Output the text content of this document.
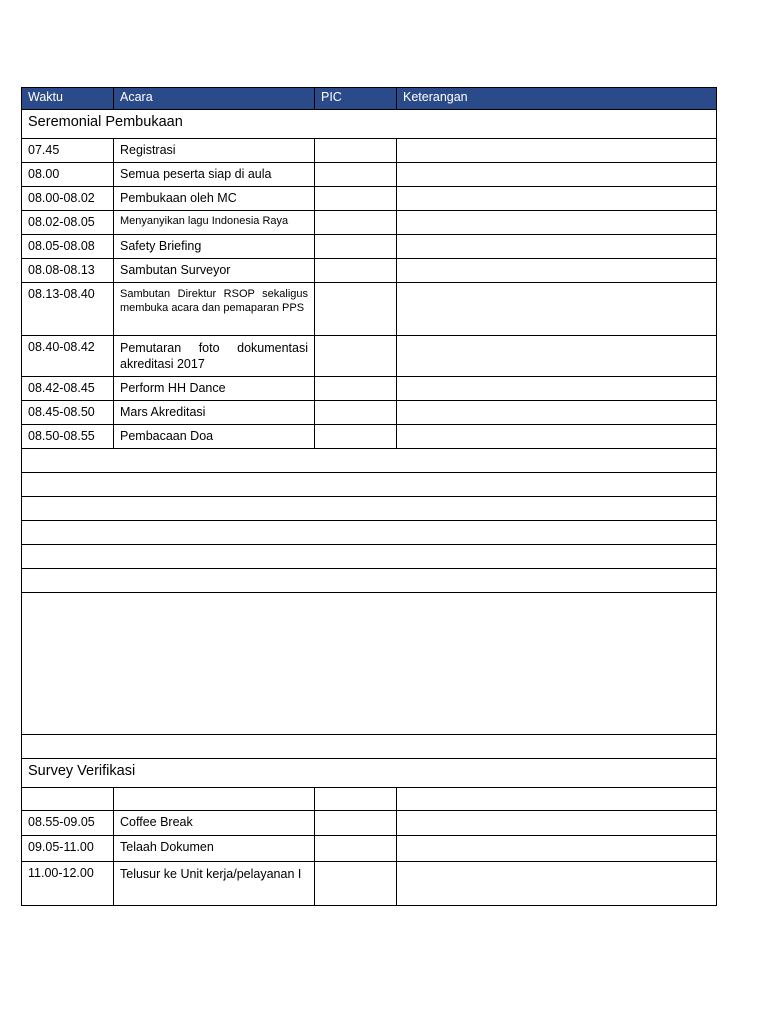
Waktu	Acara	PIC	Keterangan
Seremonial Pembukaan			
07.45	Registrasi		
08.00	Semua peserta siap di aula		
08.00-08.02	Pembukaan oleh MC		
08.02-08.05	Menyanyikan lagu Indonesia Raya		
08.05-08.08	Safety Briefing		
08.08-08.13	Sambutan Surveyor		
08.13-08.40	Sambutan Direktur RSOP sekaligus membuka acara dan pemaparan PPS		
08.40-08.42	Pemutaran foto dokumentasi akreditasi 2017		
08.42-08.45	Perform HH Dance		
08.45-08.50	Mars Akreditasi		
08.50-08.55	Pembacaan Doa		

Survey Verifikasi			

08.55-09.05	Coffee Break		
09.05-11.00	Telaah Dokumen		
11.00-12.00	Telusur ke Unit kerja/pelayanan I		
